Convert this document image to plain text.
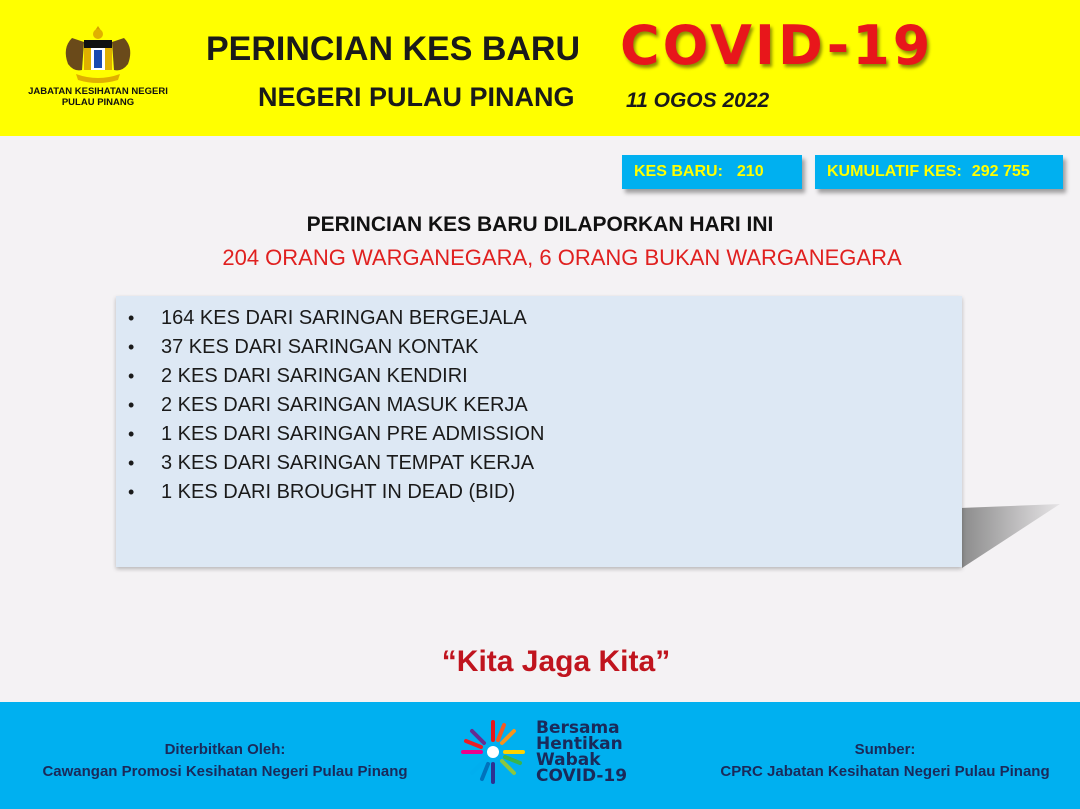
JABATAN KESIHATAN NEGERI
PULAU PINANG
PERINCIAN KES BARU COVID-19
NEGERI PULAU PINANG 11 OGOS 2022
KES BARU: 210	KUMULATIF KES: 292 755
PERINCIAN KES BARU DILAPORKAN HARI INI
204 ORANG WARGANEGARA, 6 ORANG BUKAN WARGANEGARA
• 164 KES DARI SARINGAN BERGEJALA
• 37 KES DARI SARINGAN KONTAK
• 2 KES DARI SARINGAN KENDIRI
• 2 KES DARI SARINGAN MASUK KERJA
• 1 KES DARI SARINGAN PRE ADMISSION
• 3 KES DARI SARINGAN TEMPAT KERJA
• 1 KES DARI BROUGHT IN DEAD (BID)
“Kita Jaga Kita”
Diterbitkan Oleh:
Cawangan Promosi Kesihatan Negeri Pulau Pinang
Bersama
Hentikan
Wabak
COVID-19
Sumber:
CPRC Jabatan Kesihatan Negeri Pulau Pinang
